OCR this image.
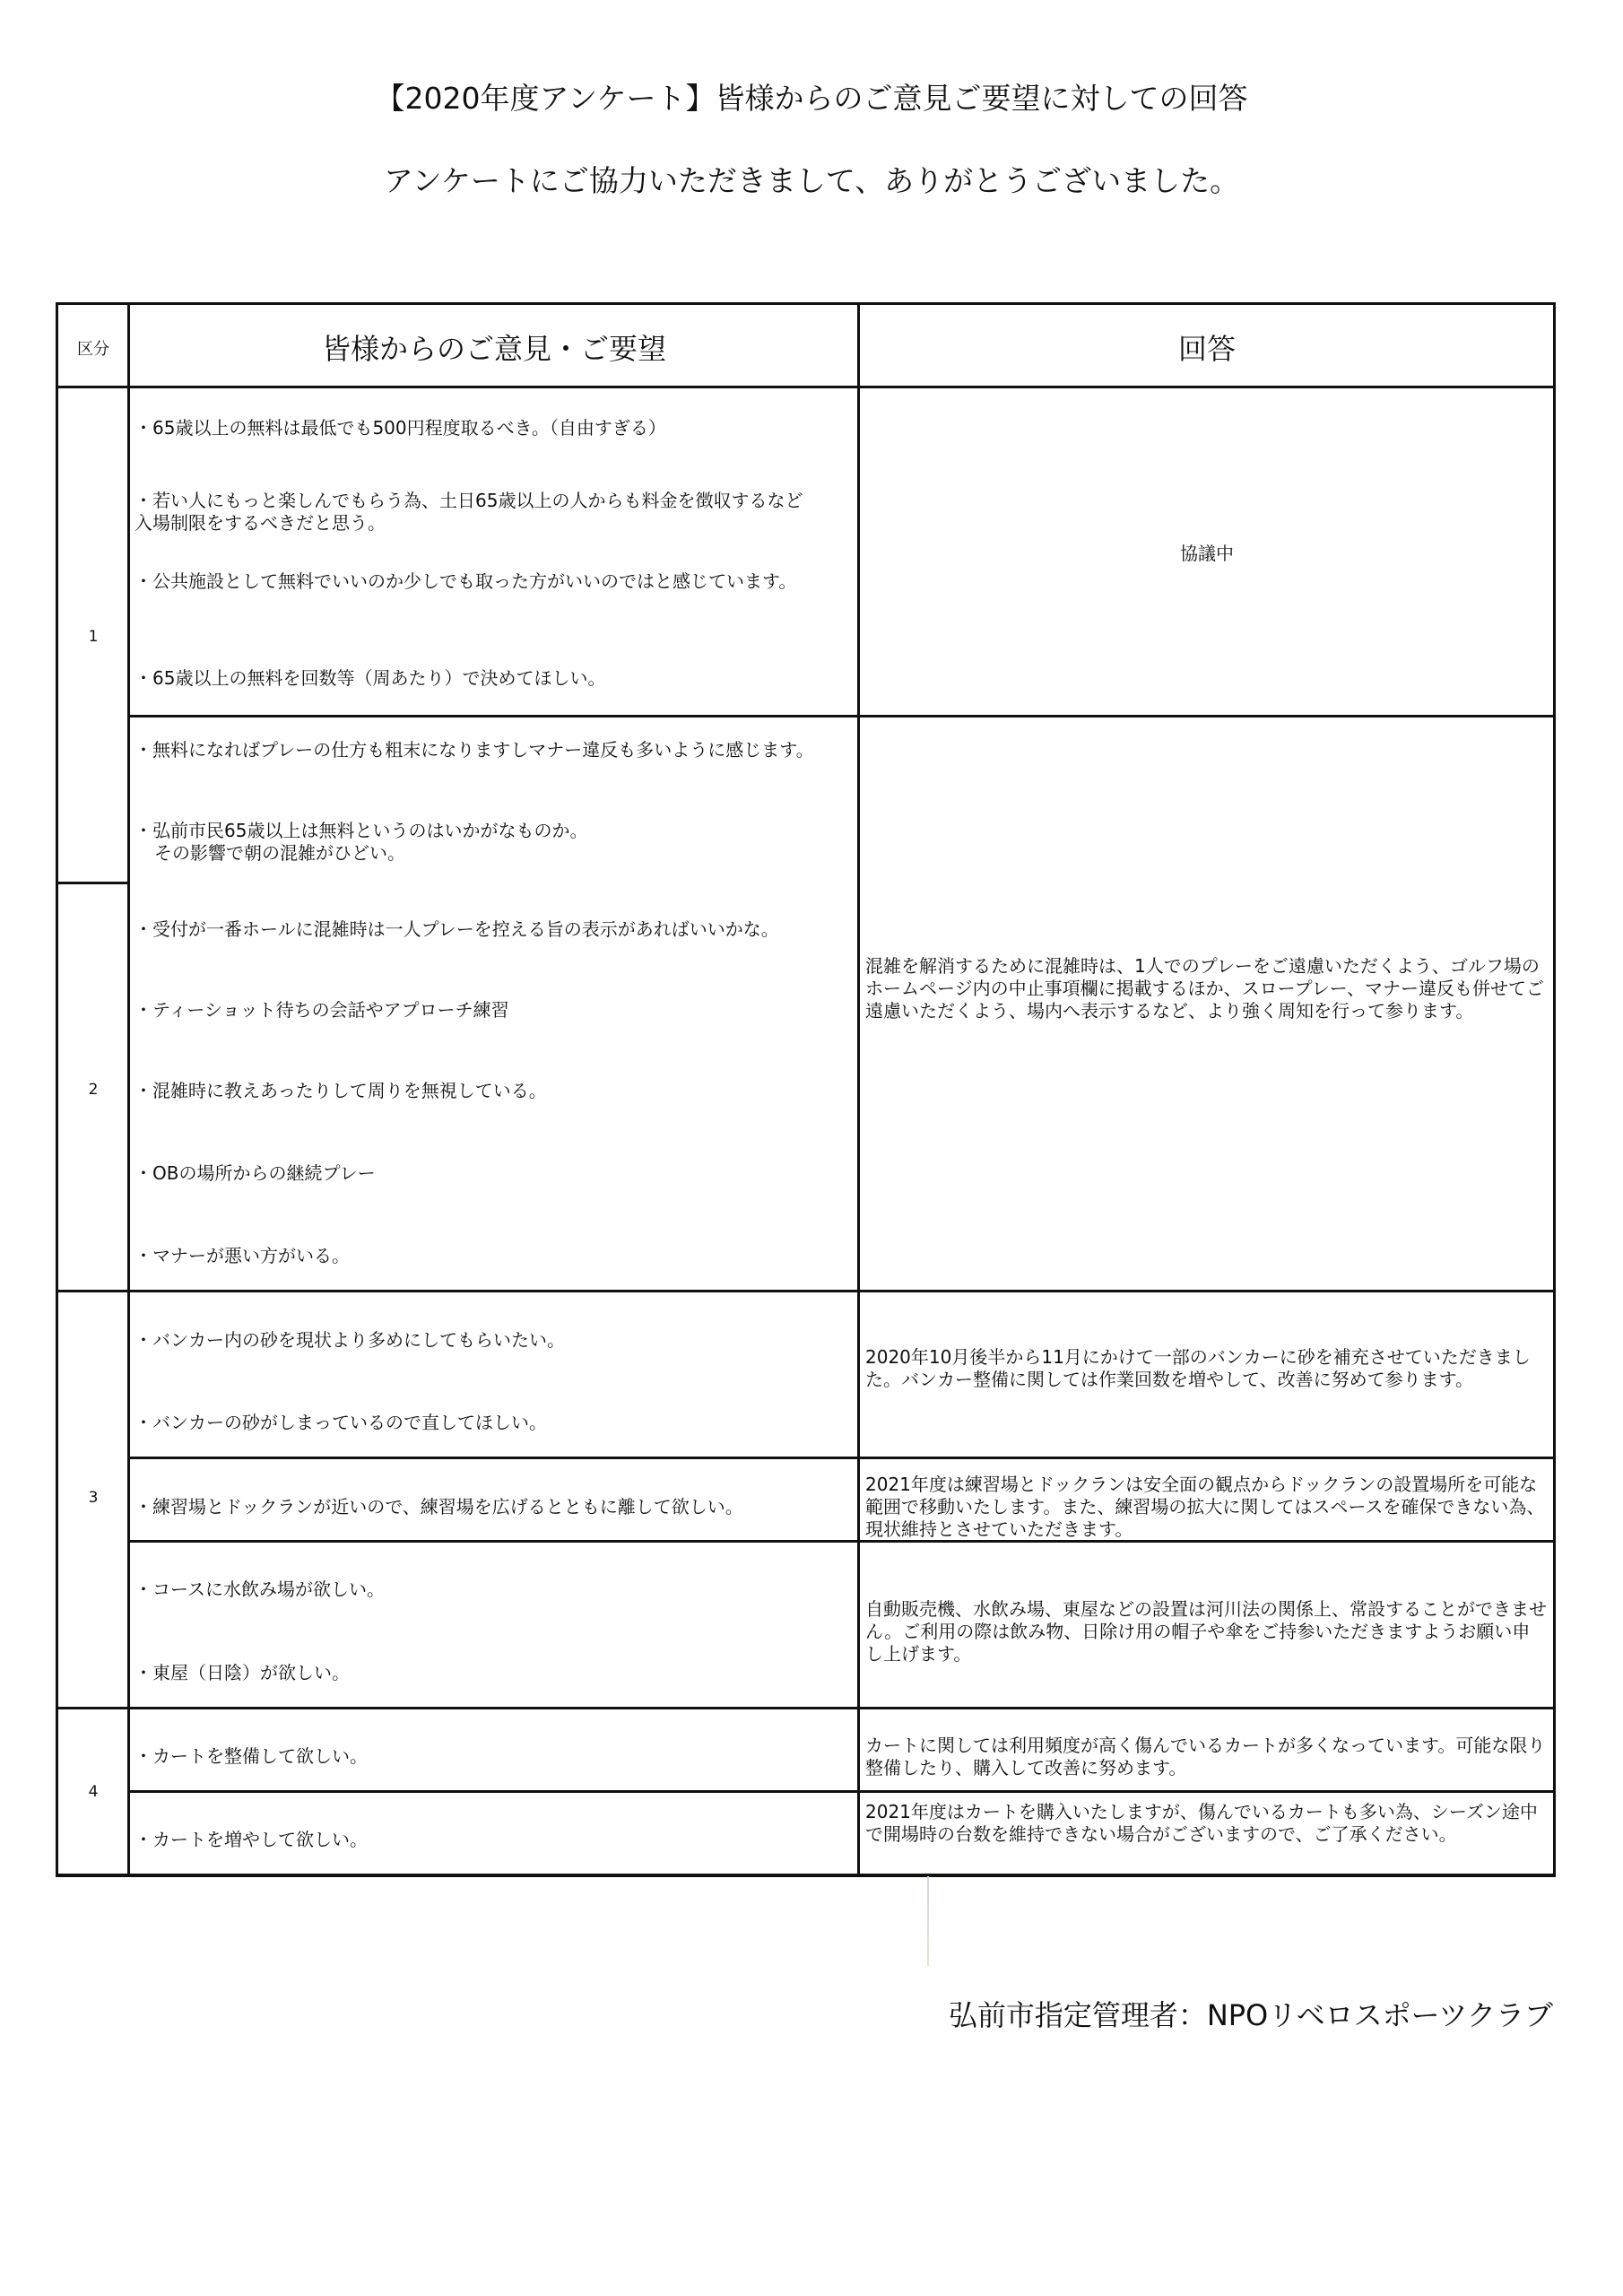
【2020年度アンケート】皆様からのご意見ご要望に対しての回答
アンケートにご協力いただきまして、ありがとうございました。
区分	皆様からのご意見・ご要望	回答
1
2
3
4
・65歳以上の無料は最低でも500円程度取るべき。（自由すぎる）
・若い人にもっと楽しんでもらう為、土日65歳以上の人からも料金を徴収するなど　　入場制限をするべきだと思う。
・公共施設として無料でいいのか少しでも取った方がいいのではと感じています。
・65歳以上の無料を回数等（周あたり）で決めてほしい。
・無料になればプレーの仕方も粗末になりますしマナー違反も多いように感じます。
・弘前市民65歳以上は無料というのはいかがなものか。
その影響で朝の混雑がひどい。
・受付が一番ホールに混雑時は一人プレーを控える旨の表示があればいいかな。
・ティーショット待ちの会話やアプローチ練習
・混雑時に教えあったりして周りを無視している。
・OBの場所からの継続プレー
・マナーが悪い方がいる。
・バンカー内の砂を現状より多めにしてもらいたい。
・バンカーの砂がしまっているので直してほしい。
・練習場とドックランが近いので、練習場を広げるとともに離して欲しい。
・コースに水飲み場が欲しい。
・東屋（日陰）が欲しい。
・カートを整備して欲しい。
・カートを増やして欲しい。
協議中
混雑を解消するために混雑時は、1人でのプレーをご遠慮いただくよう、ゴルフ場のホームページ内の中止事項欄に掲載するほか、スロープレー、マナー違反も併せてご遠慮いただくよう、場内へ表示するなど、より強く周知を行って参ります。
2020年10月後半から11月にかけて一部のバンカーに砂を補充させていただきました。バンカー整備に関しては作業回数を増やして、改善に努めて参ります。
2021年度は練習場とドックランは安全面の観点からドックランの設置場所を可能な範囲で移動いたします。また、練習場の拡大に関してはスペースを確保できない為、現状維持とさせていただきます。
自動販売機、水飲み場、東屋などの設置は河川法の関係上、常設することができません。ご利用の際は飲み物、日除け用の帽子や傘をご持参いただきますようお願い申し上げます。
カートに関しては利用頻度が高く傷んでいるカートが多くなっています。可能な限り整備したり、購入して改善に努めます。
2021年度はカートを購入いたしますが、傷んでいるカートも多い為、シーズン途中で開場時の台数を維持できない場合がございますので、ご了承ください。
弘前市指定管理者：NPOリベロスポーツクラブ
